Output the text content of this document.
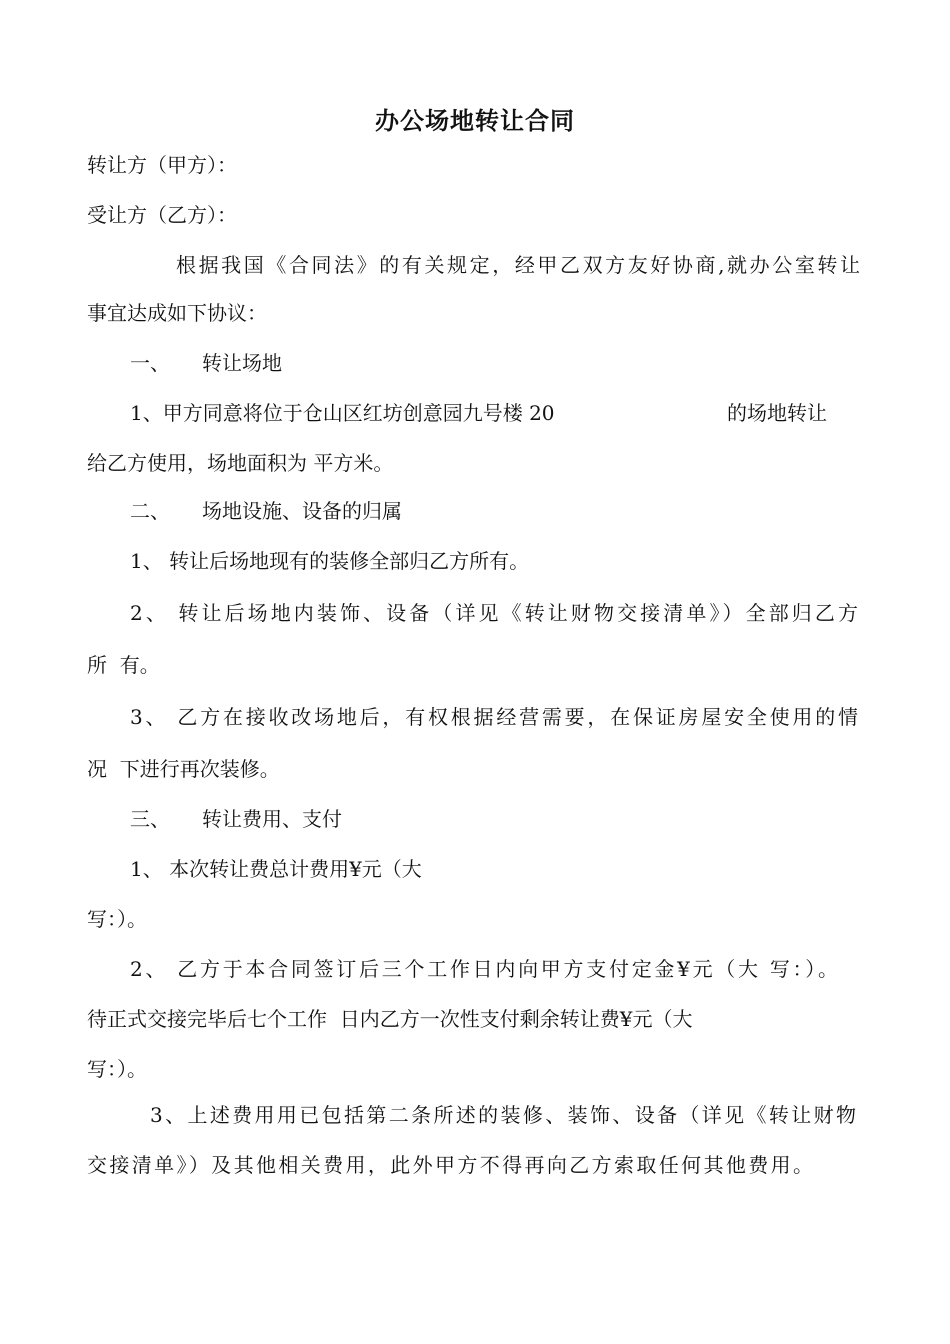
办公场地转让合同
转让方（甲方）：
受让方（乙方）：
根据我国《合同法》的有关规定，经甲乙双方友好协商,就办公室转让
事宜达成如下协议：
一、 转让场地
1、甲方同意将位于仓山区红坊创意园九号楼 20	的场地转让
给乙方使用，场地面积为 平方米。
二、 场地设施、设备的归属
1、 转让后场地现有的装修全部归乙方所有。
2、 转让后场地内装饰、设备（详见《转让财物交接清单》）全部归乙方
所  有。
3、 乙方在接收改场地后，有权根据经营需要，在保证房屋安全使用的情
况  下进行再次装修。
三、 转让费用、支付
1、 本次转让费总计费用¥元（大
写：）。
2、 乙方于本合同签订后三个工作日内向甲方支付定金¥元（大 写：）。
待正式交接完毕后七个工作  日内乙方一次性支付剩余转让费¥元（大
写：）。
3、上述费用用已包括第二条所述的装修、装饰、设备（详见《转让财物
交接清单》）及其他相关费用，此外甲方不得再向乙方索取任何其他费用。
